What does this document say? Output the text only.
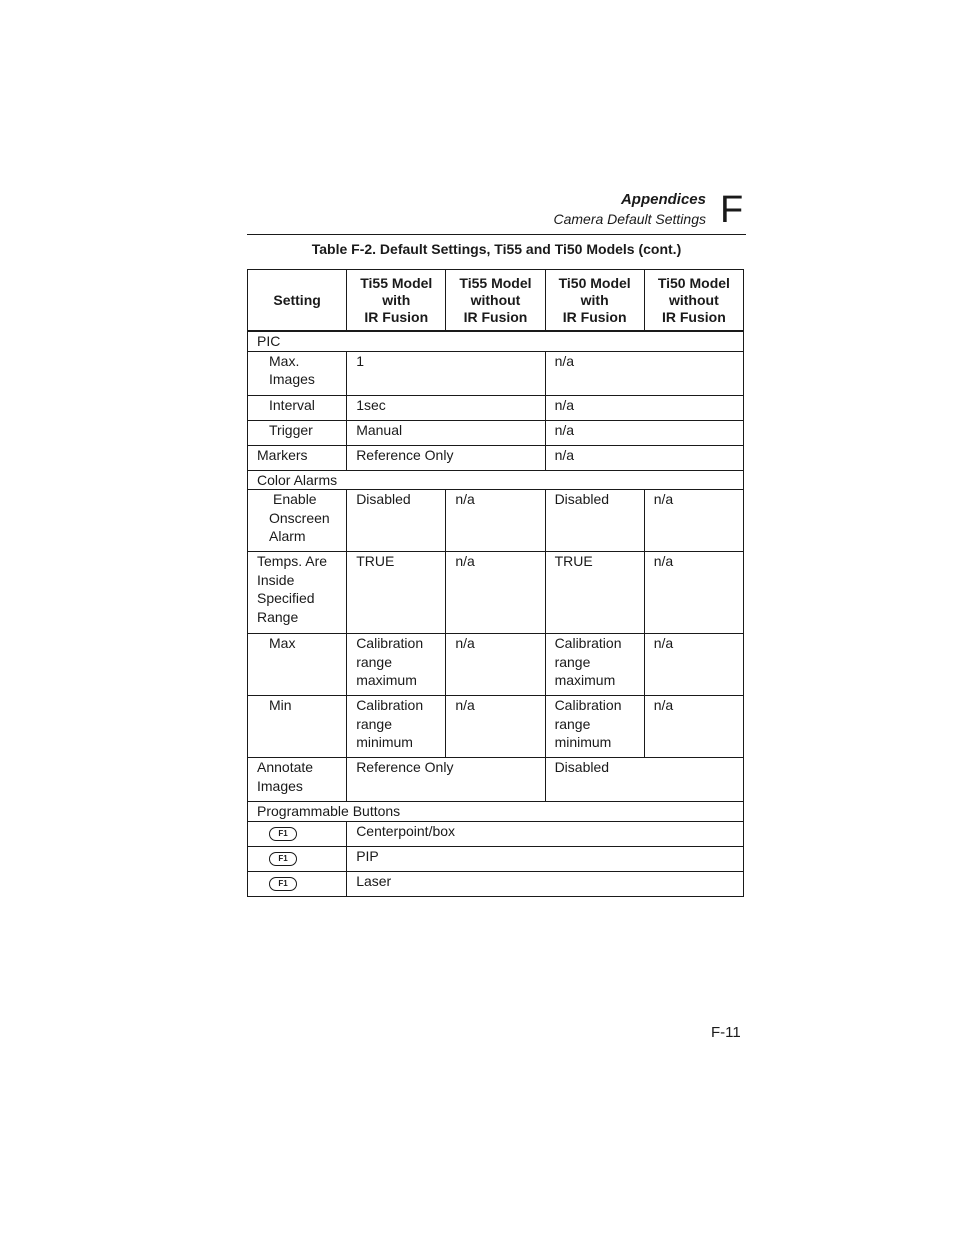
Appendices
Camera Default Settings F
Table F-2. Default Settings, Ti55 and Ti50 Models (cont.)
Setting	Ti55 Model
with
IR Fusion	Ti55 Model
without
IR Fusion	Ti50 Model
with
IR Fusion	Ti50 Model
without
IR Fusion
PIC				
Max.
Images	1		n/a	
Interval	1sec		n/a	
Trigger	Manual		n/a	
Markers	Reference Only		n/a	
Color Alarms				
Enable
Onscreen
Alarm	Disabled	n/a	Disabled	n/a
Temps. Are
Inside
Specified
Range	TRUE	n/a	TRUE	n/a
Max	Calibration
range
maximum	n/a	Calibration
range
maximum	n/a
Min	Calibration
range
minimum	n/a	Calibration
range
minimum	n/a
Annotate
Images	Reference Only		Disabled	
Programmable Buttons				
F1	Centerpoint/box			
F1	PIP			
F1	Laser			
F-11
